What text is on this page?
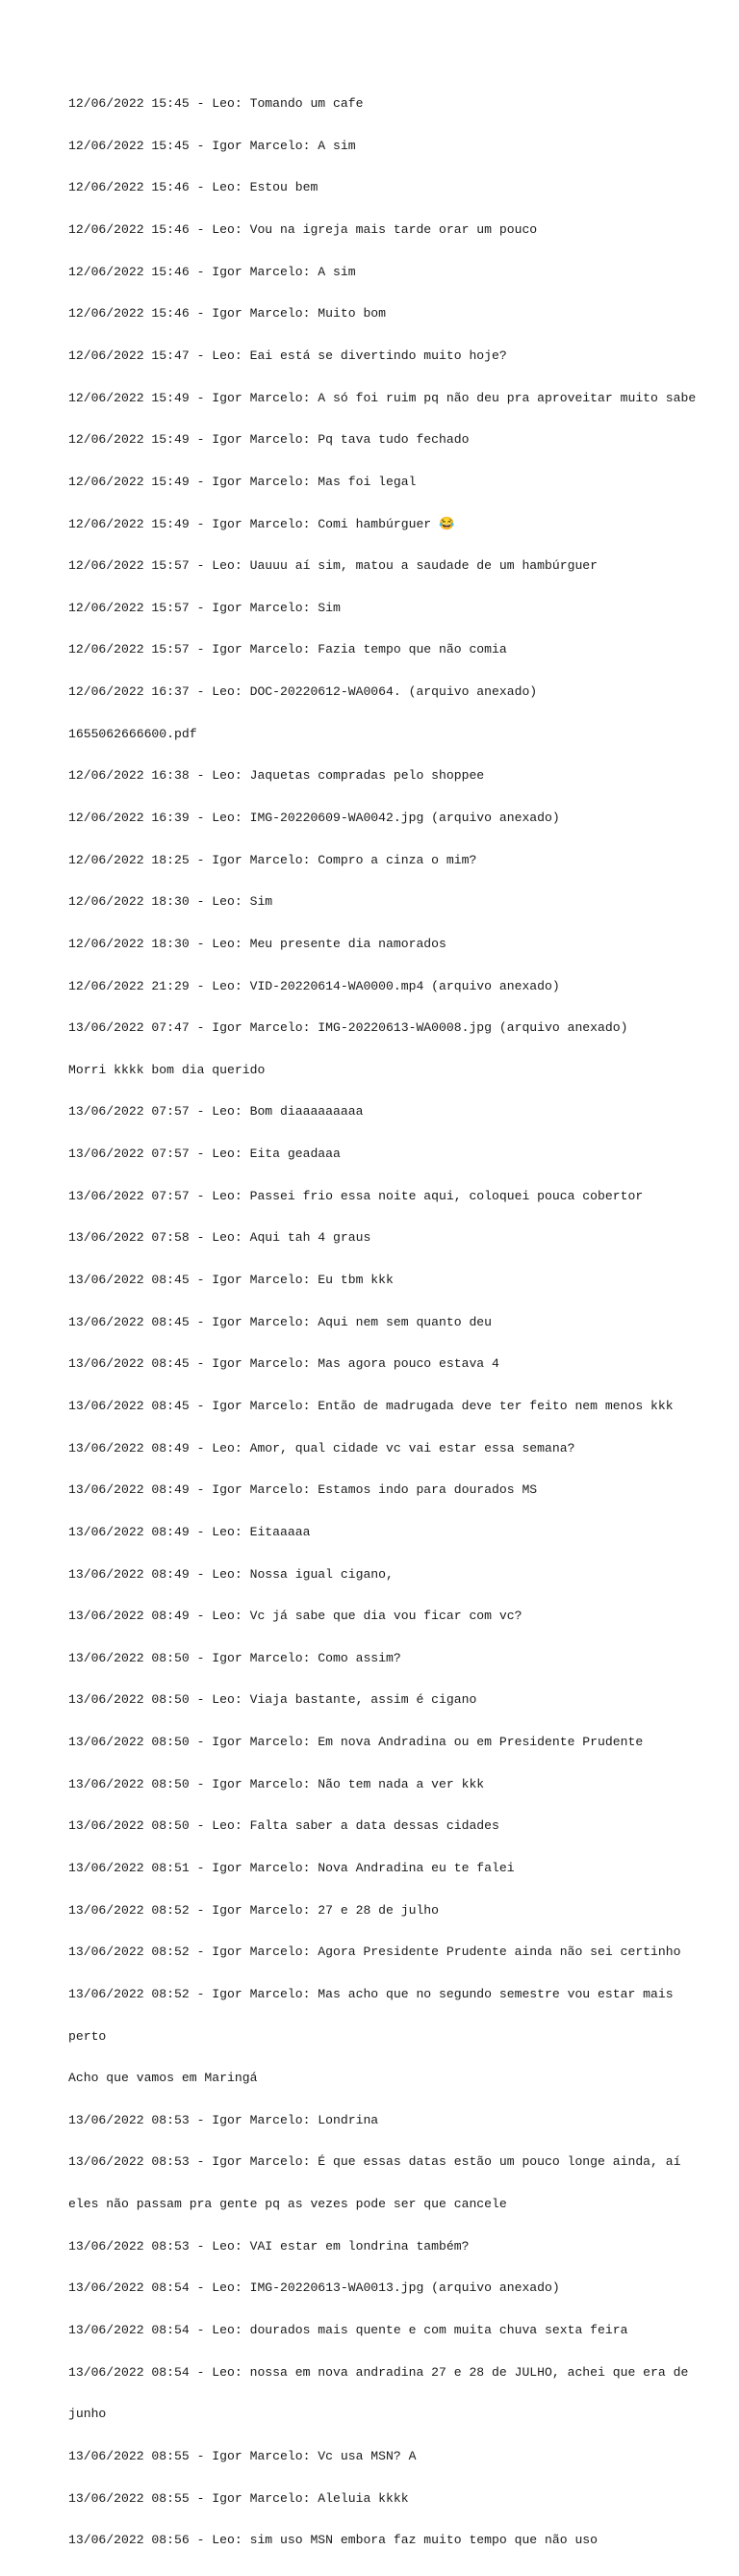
12/06/2022 15:45 - Leo: Tomando um cafe

12/06/2022 15:45 - Igor Marcelo: A sim

12/06/2022 15:46 - Leo: Estou bem

12/06/2022 15:46 - Leo: Vou na igreja mais tarde orar um pouco

12/06/2022 15:46 - Igor Marcelo: A sim

12/06/2022 15:46 - Igor Marcelo: Muito bom

12/06/2022 15:47 - Leo: Eai está se divertindo muito hoje?

12/06/2022 15:49 - Igor Marcelo: A só foi ruim pq não deu pra aproveitar muito sabe

12/06/2022 15:49 - Igor Marcelo: Pq tava tudo fechado

12/06/2022 15:49 - Igor Marcelo: Mas foi legal

12/06/2022 15:49 - Igor Marcelo: Comi hambúrguer 😂

12/06/2022 15:57 - Leo: Uauuu aí sim, matou a saudade de um hambúrguer

12/06/2022 15:57 - Igor Marcelo: Sim

12/06/2022 15:57 - Igor Marcelo: Fazia tempo que não comia

12/06/2022 16:37 - Leo: DOC-20220612-WA0064. (arquivo anexado)

1655062666600.pdf

12/06/2022 16:38 - Leo: Jaquetas compradas pelo shoppee

12/06/2022 16:39 - Leo: IMG-20220609-WA0042.jpg (arquivo anexado)

12/06/2022 18:25 - Igor Marcelo: Compro a cinza o mim?

12/06/2022 18:30 - Leo: Sim

12/06/2022 18:30 - Leo: Meu presente dia namorados

12/06/2022 21:29 - Leo: VID-20220614-WA0000.mp4 (arquivo anexado)

13/06/2022 07:47 - Igor Marcelo: IMG-20220613-WA0008.jpg (arquivo anexado)

Morri kkkk bom dia querido

13/06/2022 07:57 - Leo: Bom diaaaaaaaaa

13/06/2022 07:57 - Leo: Eita geadaaa

13/06/2022 07:57 - Leo: Passei frio essa noite aqui, coloquei pouca cobertor

13/06/2022 07:58 - Leo: Aqui tah 4 graus

13/06/2022 08:45 - Igor Marcelo: Eu tbm kkk

13/06/2022 08:45 - Igor Marcelo: Aqui nem sem quanto deu

13/06/2022 08:45 - Igor Marcelo: Mas agora pouco estava 4

13/06/2022 08:45 - Igor Marcelo: Então de madrugada deve ter feito nem menos kkk

13/06/2022 08:49 - Leo: Amor, qual cidade vc vai estar essa semana?

13/06/2022 08:49 - Igor Marcelo: Estamos indo para dourados MS

13/06/2022 08:49 - Leo: Eitaaaaa

13/06/2022 08:49 - Leo: Nossa igual cigano,

13/06/2022 08:49 - Leo: Vc já sabe que dia vou ficar com vc?

13/06/2022 08:50 - Igor Marcelo: Como assim?

13/06/2022 08:50 - Leo: Viaja bastante, assim é cigano

13/06/2022 08:50 - Igor Marcelo: Em nova Andradina ou em Presidente Prudente

13/06/2022 08:50 - Igor Marcelo: Não tem nada a ver kkk

13/06/2022 08:50 - Leo: Falta saber a data dessas cidades

13/06/2022 08:51 - Igor Marcelo: Nova Andradina eu te falei

13/06/2022 08:52 - Igor Marcelo: 27 e 28 de julho

13/06/2022 08:52 - Igor Marcelo: Agora Presidente Prudente ainda não sei certinho

13/06/2022 08:52 - Igor Marcelo: Mas acho que no segundo semestre vou estar mais

perto

Acho que vamos em Maringá

13/06/2022 08:53 - Igor Marcelo: Londrina

13/06/2022 08:53 - Igor Marcelo: É que essas datas estão um pouco longe ainda, aí

eles não passam pra gente pq as vezes pode ser que cancele

13/06/2022 08:53 - Leo: VAI estar em londrina também?

13/06/2022 08:54 - Leo: IMG-20220613-WA0013.jpg (arquivo anexado)

13/06/2022 08:54 - Leo: dourados mais quente e com muita chuva sexta feira

13/06/2022 08:54 - Leo: nossa em nova andradina 27 e 28 de JULHO, achei que era de

junho

13/06/2022 08:55 - Igor Marcelo: Vc usa MSN? A

13/06/2022 08:55 - Igor Marcelo: Aleluia kkkk

13/06/2022 08:56 - Leo: sim uso MSN embora faz muito tempo que não uso
